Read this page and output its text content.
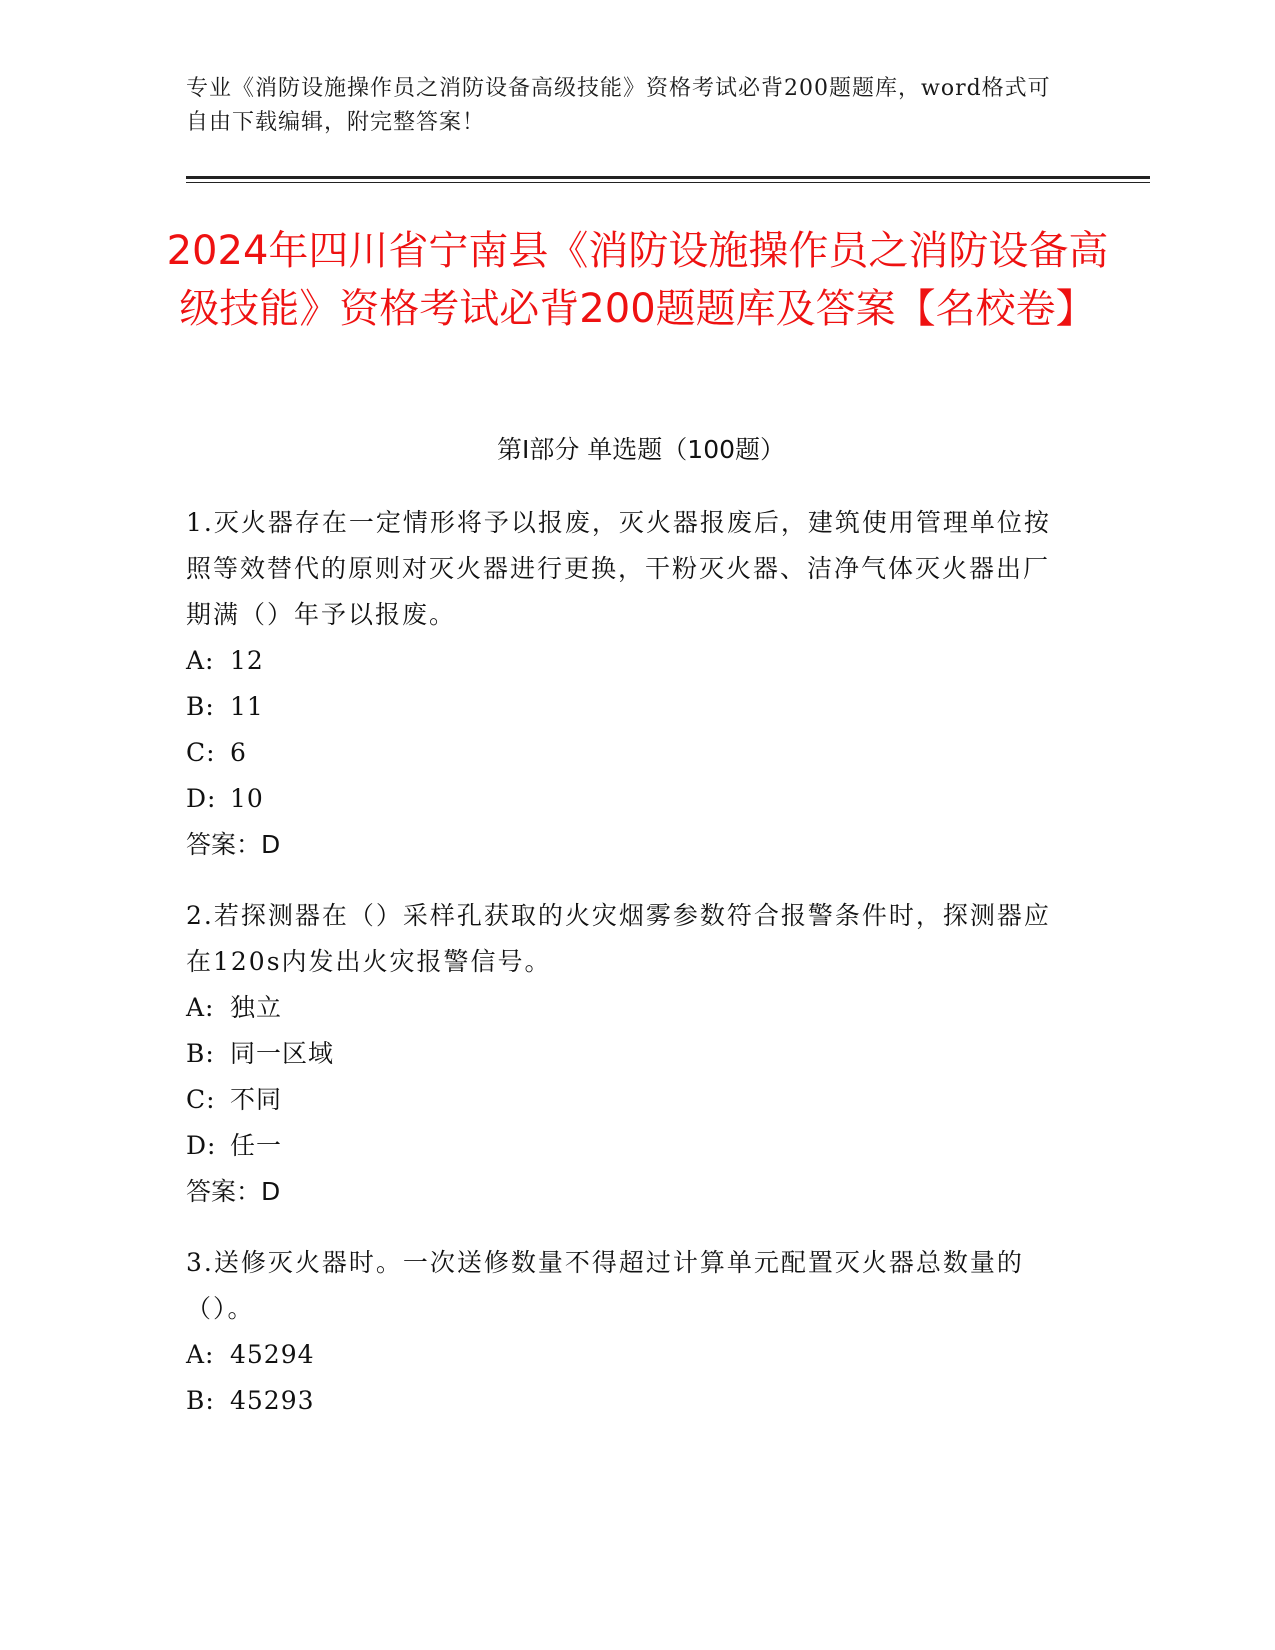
专业《消防设施操作员之消防设备高级技能》资格考试必背200题题库，word格式可自由下载编辑，附完整答案！
2024年四川省宁南县《消防设施操作员之消防设备高级技能》资格考试必背200题题库及答案【名校卷】
第Ⅰ部分 单选题（100题）

1.灭火器存在一定情形将予以报废，灭火器报废后，建筑使用管理单位按照等效替代的原则对灭火器进行更换，干粉灭火器、洁净气体灭火器出厂期满（）年予以报废。

A: 12

B: 11

C: 6

D: 10

答案：D

2.若探测器在（）采样孔获取的火灾烟雾参数符合报警条件时，探测器应在120s内发出火灾报警信号。

A: 独立

B: 同一区域

C: 不同

D: 任一

答案：D

3.送修灭火器时。一次送修数量不得超过计算单元配置灭火器总数量的（）。

A: 45294

B: 45293
